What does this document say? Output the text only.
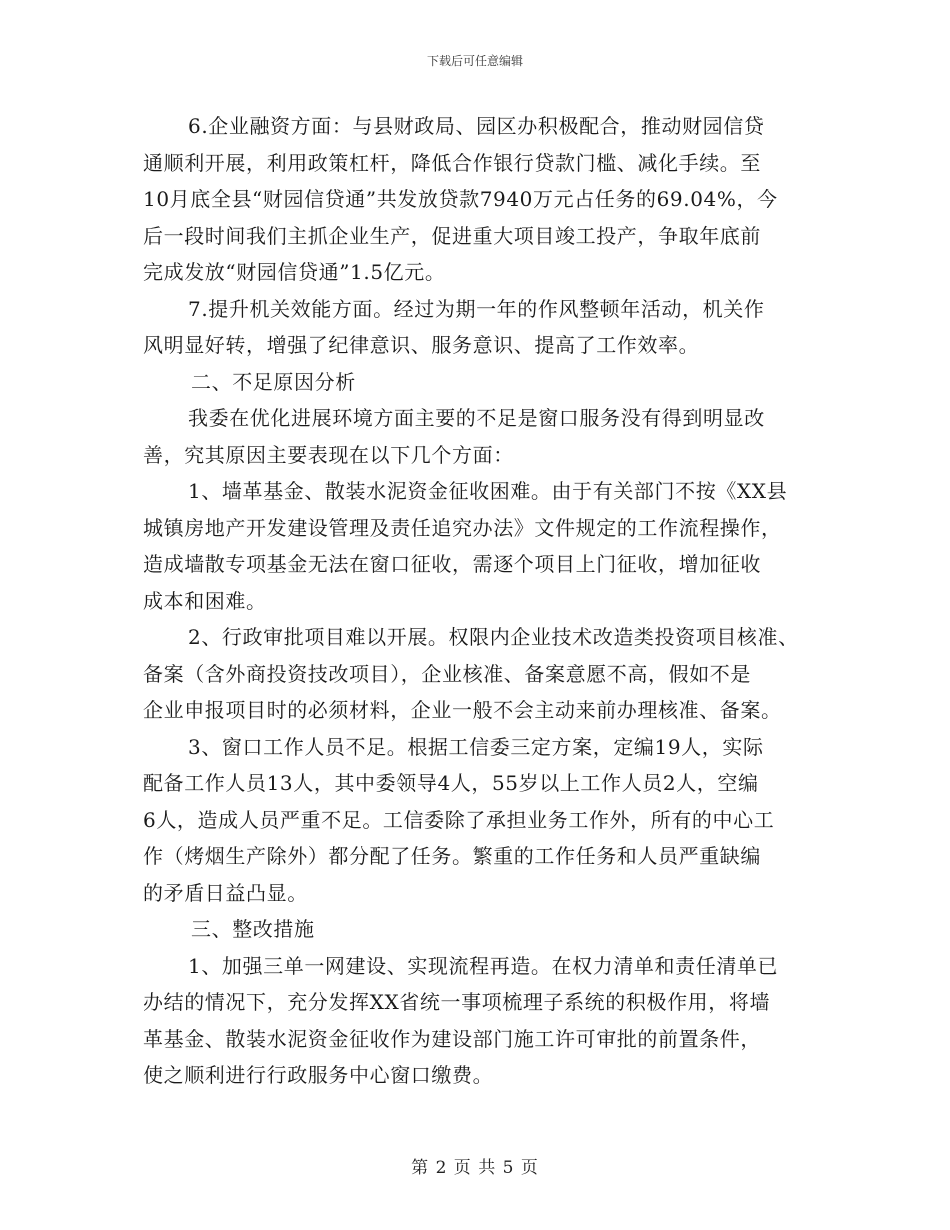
下载后可任意编辑
6.企业融资方面：与县财政局、园区办积极配合，推动财园信贷
通顺利开展，利用政策杠杆，降低合作银行贷款门槛、减化手续。至
10月底全县“财园信贷通”共发放贷款7940万元占任务的69.04%，今
后一段时间我们主抓企业生产，促进重大项目竣工投产，争取年底前
完成发放“财园信贷通”1.5亿元。
7.提升机关效能方面。经过为期一年的作风整顿年活动，机关作
风明显好转，增强了纪律意识、服务意识、提高了工作效率。
二、不足原因分析
我委在优化进展环境方面主要的不足是窗口服务没有得到明显改
善，究其原因主要表现在以下几个方面：
1、墙革基金、散装水泥资金征收困难。由于有关部门不按《XX县
城镇房地产开发建设管理及责任追究办法》文件规定的工作流程操作，
造成墙散专项基金无法在窗口征收，需逐个项目上门征收，增加征收
成本和困难。
2、行政审批项目难以开展。权限内企业技术改造类投资项目核准、
备案（含外商投资技改项目），企业核准、备案意愿不高，假如不是
企业申报项目时的必须材料，企业一般不会主动来前办理核准、备案。
3、窗口工作人员不足。根据工信委三定方案，定编19人，实际
配备工作人员13人，其中委领导4人，55岁以上工作人员2人，空编
6人，造成人员严重不足。工信委除了承担业务工作外，所有的中心工
作（烤烟生产除外）都分配了任务。繁重的工作任务和人员严重缺编
的矛盾日益凸显。
三、整改措施
1、加强三单一网建设、实现流程再造。在权力清单和责任清单已
办结的情况下，充分发挥XX省统一事项梳理子系统的积极作用，将墙
革基金、散装水泥资金征收作为建设部门施工许可审批的前置条件，
使之顺利进行行政服务中心窗口缴费。
第 2 页 共 5 页
